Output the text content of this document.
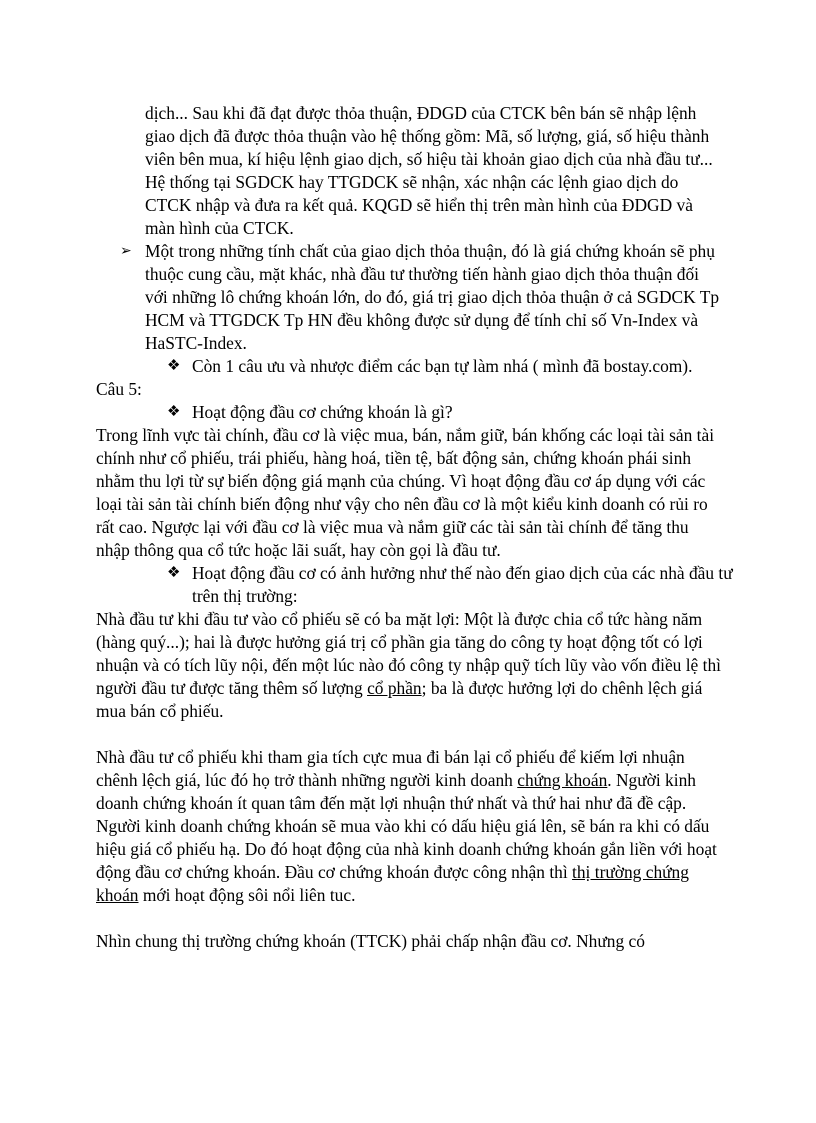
dịch... Sau khi đã đạt được thỏa thuận, ĐDGD của CTCK bên bán sẽ nhập lệnh giao dịch đã được thỏa thuận vào hệ thống gồm: Mã, số lượng, giá, số hiệu thành viên bên mua, kí hiệu lệnh giao dịch, số hiệu tài khoản giao dịch của nhà đầu tư... Hệ thống tại SGDCK hay TTGDCK sẽ nhận, xác nhận các lệnh giao dịch do CTCK nhập và đưa ra kết quả. KQGD sẽ hiển thị trên màn hình của ĐDGD và màn hình của CTCK.

➢ Một trong những tính chất của giao dịch thỏa thuận, đó là giá chứng khoán sẽ phụ thuộc cung cầu, mặt khác, nhà đầu tư thường tiến hành giao dịch thỏa thuận đối với những lô chứng khoán lớn, do đó, giá trị giao dịch thỏa thuận ở cả SGDCK Tp HCM và TTGDCK Tp HN đều không được sử dụng để tính chỉ số Vn-Index và HaSTC-Index.

❖ Còn 1 câu ưu và nhược điểm các bạn tự làm nhá ( mình đã bostay.com).

Câu 5:

❖ Hoạt động đầu cơ chứng khoán là gì?

Trong lĩnh vực tài chính, đầu cơ là việc mua, bán, nắm giữ, bán khống các loại tài sản tài chính như cổ phiếu, trái phiếu, hàng hoá, tiền tệ, bất động sản, chứng khoán phái sinh nhằm thu lợi từ sự biến động giá mạnh của chúng. Vì hoạt động đầu cơ áp dụng với các loại tài sản tài chính biến động như vậy cho nên đầu cơ là một kiểu kinh doanh có rủi ro rất cao. Ngược lại với đầu cơ là việc mua và nắm giữ các tài sản tài chính để tăng thu nhập thông qua cổ tức hoặc lãi suất, hay còn gọi là đầu tư.

❖ Hoạt động đầu cơ có ảnh hưởng như thế nào đến giao dịch của các nhà đầu tư trên thị trường:

Nhà đầu tư khi đầu tư vào cổ phiếu sẽ có ba mặt lợi: Một là được chia cổ tức hàng năm (hàng quý...); hai là được hưởng giá trị cổ phần gia tăng do công ty hoạt động tốt có lợi nhuận và có tích lũy nội, đến một lúc nào đó công ty nhập quỹ tích lũy vào vốn điều lệ thì người đầu tư được tăng thêm số lượng cổ phần; ba là được hưởng lợi do chênh lệch giá mua bán cổ phiếu.

Nhà đầu tư cổ phiếu khi tham gia tích cực mua đi bán lại cổ phiếu để kiếm lợi nhuận chênh lệch giá, lúc đó họ trở thành những người kinh doanh chứng khoán. Người kinh doanh chứng khoán ít quan tâm đến mặt lợi nhuận thứ nhất và thứ hai như đã đề cập. Người kinh doanh chứng khoán sẽ mua vào khi có dấu hiệu giá lên, sẽ bán ra khi có dấu hiệu giá cổ phiếu hạ. Do đó hoạt động của nhà kinh doanh chứng khoán gắn liền với hoạt động đầu cơ chứng khoán. Đầu cơ chứng khoán được công nhận thì thị trường chứng khoán mới hoạt động sôi nổi liên tuc.

Nhìn chung thị trường chứng khoán (TTCK) phải chấp nhận đầu cơ. Nhưng có
